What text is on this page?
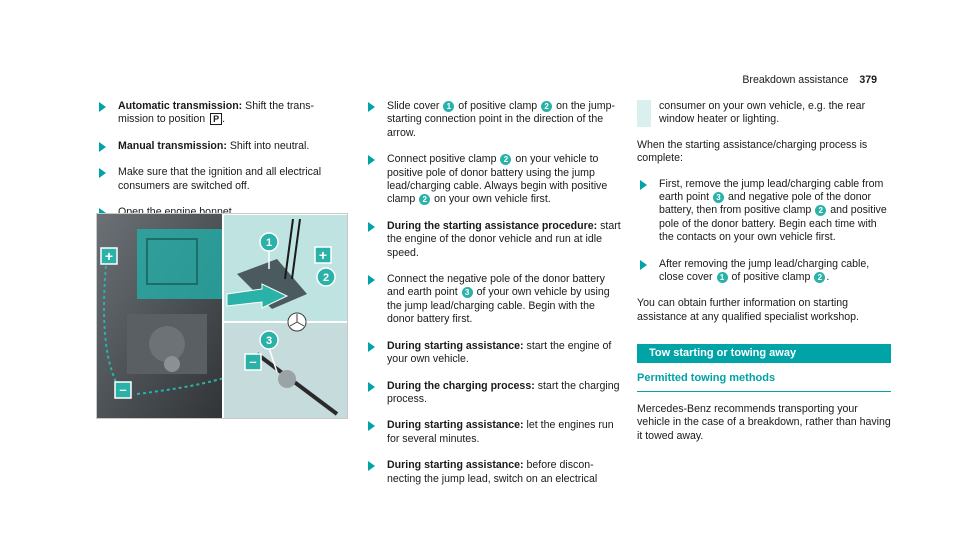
Breakdown assistance 379
Automatic transmission: Shift the transmission to position P .
Manual transmission: Shift into neutral.
Make sure that the ignition and all electrical consumers are switched off.
1
2
3
+	+
–
–
Slide cover 1 of positive clamp 2 on the jump-starting connection point in the direction of the arrow.
Connect positive clamp 2 on your vehicle to positive pole of donor battery using the jump lead/charging cable. Always begin with positive clamp 2 on your own vehicle first.
During the starting assistance procedure: start the engine of the donor vehicle and run at idle speed.
Connect the negative pole of the donor battery and earth point 3 of your own vehicle by using the jump lead/charging cable. Begin with the donor battery first.
During starting assistance: start the engine of your own vehicle.
During the charging process: start the charging process.
During starting assistance: let the engines run for several minutes.
During starting assistance: before disconnecting the jump lead, switch on an electrical
consumer on your own vehicle, e.g. the rear window heater or lighting.
When the starting assistance/charging process is complete:
First, remove the jump lead/charging cable from earth point 3 and negative pole of the donor battery, then from positive clamp 2 and positive pole of the donor battery. Begin each time with the contacts on your own vehicle first.
After removing the jump lead/charging cable, close cover 1 of positive clamp 2 .
You can obtain further information on starting assistance at any qualified specialist workshop.
Tow starting or towing away
Permitted towing methods
Mercedes-Benz recommends transporting your vehicle in the case of a breakdown, rather than having it towed away.
